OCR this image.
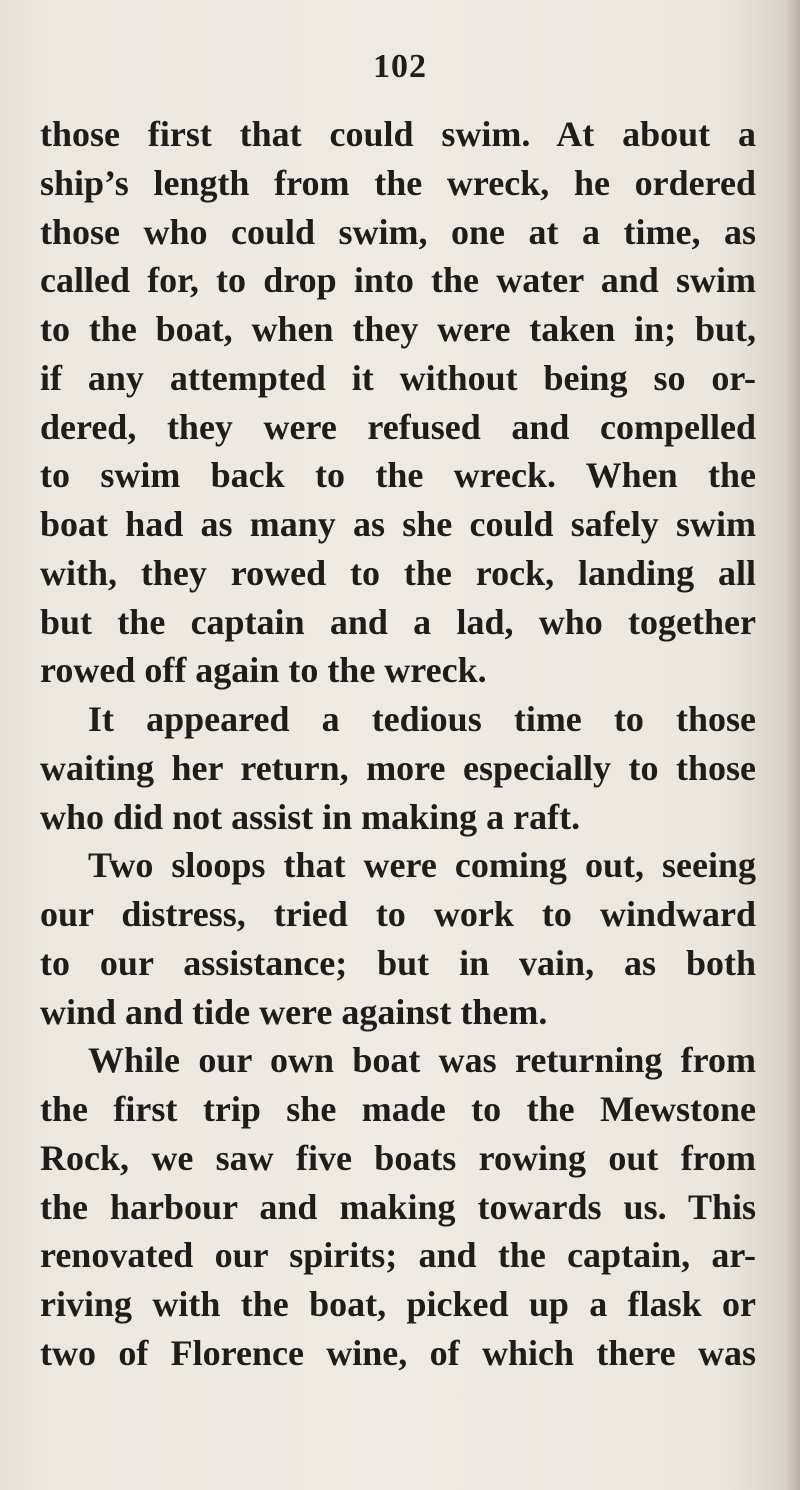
102
those first that could swim. At about a
ship’s length from the wreck, he ordered
those who could swim, one at a time, as
called for, to drop into the water and swim
to the boat, when they were taken in; but,
if any attempted it without being so or-
dered, they were refused and compelled
to swim back to the wreck. When the
boat had as many as she could safely swim
with, they rowed to the rock, landing all
but the captain and a lad, who together
rowed off again to the wreck.
It appeared a tedious time to those
waiting her return, more especially to those
who did not assist in making a raft.
Two sloops that were coming out, seeing
our distress, tried to work to windward
to our assistance; but in vain, as both
wind and tide were against them.
While our own boat was returning from
the first trip she made to the Mewstone
Rock, we saw five boats rowing out from
the harbour and making towards us. This
renovated our spirits; and the captain, ar-
riving with the boat, picked up a flask or
two of Florence wine, of which there was
